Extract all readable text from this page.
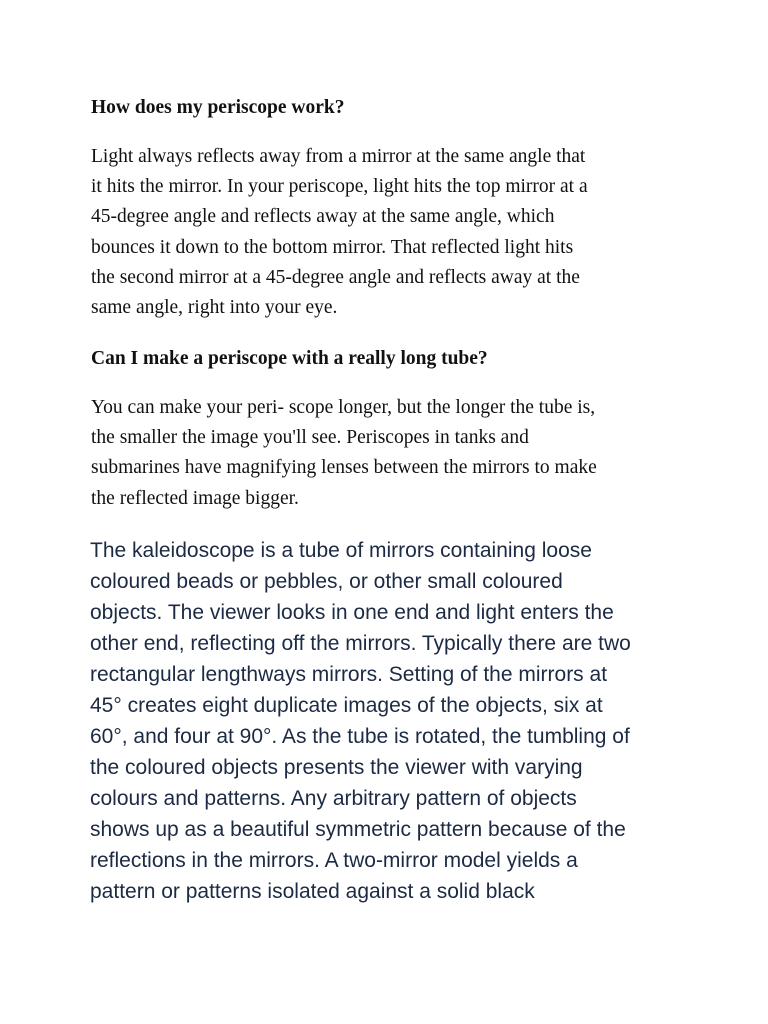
How does my periscope work?

Light always reflects away from a mirror at the same angle that
it hits the mirror. In your periscope, light hits the top mirror at a
45-degree angle and reflects away at the same angle, which
bounces it down to the bottom mirror. That reflected light hits
the second mirror at a 45-degree angle and reflects away at the
same angle, right into your eye.

Can I make a periscope with a really long tube?

You can make your peri- scope longer, but the longer the tube is,
the smaller the image you'll see. Periscopes in tanks and
submarines have magnifying lenses between the mirrors to make
the reflected image bigger.

The kaleidoscope is a tube of mirrors containing loose
coloured beads or pebbles, or other small coloured
objects. The viewer looks in one end and light enters the
other end, reflecting off the mirrors. Typically there are two
rectangular lengthways mirrors. Setting of the mirrors at
45° creates eight duplicate images of the objects, six at
60°, and four at 90°. As the tube is rotated, the tumbling of
the coloured objects presents the viewer with varying
colours and patterns. Any arbitrary pattern of objects
shows up as a beautiful symmetric pattern because of the
reflections in the mirrors. A two-mirror model yields a
pattern or patterns isolated against a solid black
